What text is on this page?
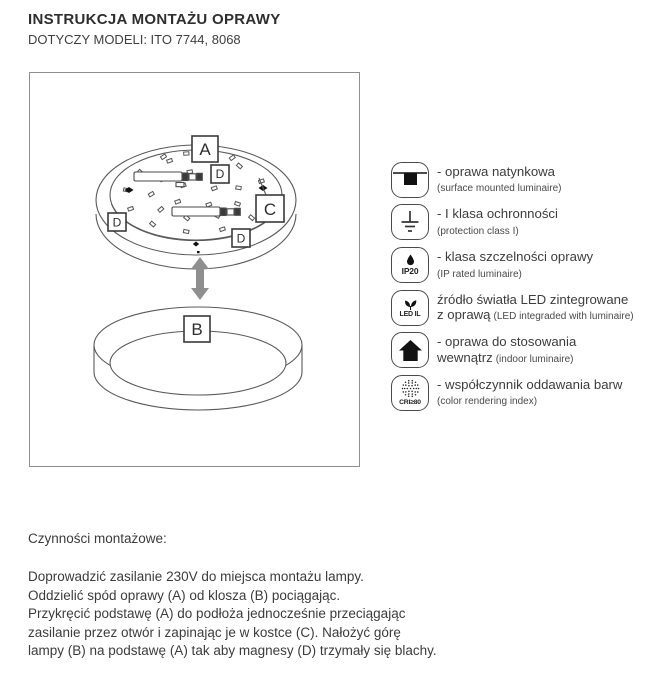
INSTRUKCJA MONTAŻU OPRAWY
DOTYCZY MODELI: ITO 7744, 8068
A
C
D
D
D
B
- oprawa natynkowa
(surface mounted luminaire)
- I klasa ochronności
(protection class I)
IP20
- klasa szczelności oprawy
(IP rated luminaire)
LED IL
źródło światła LED zintegrowane
z oprawą (LED integraded with luminaire)
- oprawa do stosowania
wewnątrz (indoor luminaire)
CRI≥80
- współczynnik oddawania barw
(color rendering index)

Czynności montażowe:

Doprowadzić zasilanie 230V do miejsca montażu lampy.
Oddzielić spód oprawy (A) od klosza (B) pociągając.
Przykręcić podstawę (A) do podłoża jednocześnie przeciągając
zasilanie przez otwór i zapinając je w kostce (C). Nałożyć górę
lampy (B) na podstawę (A) tak aby magnesy (D) trzymały się blachy.
